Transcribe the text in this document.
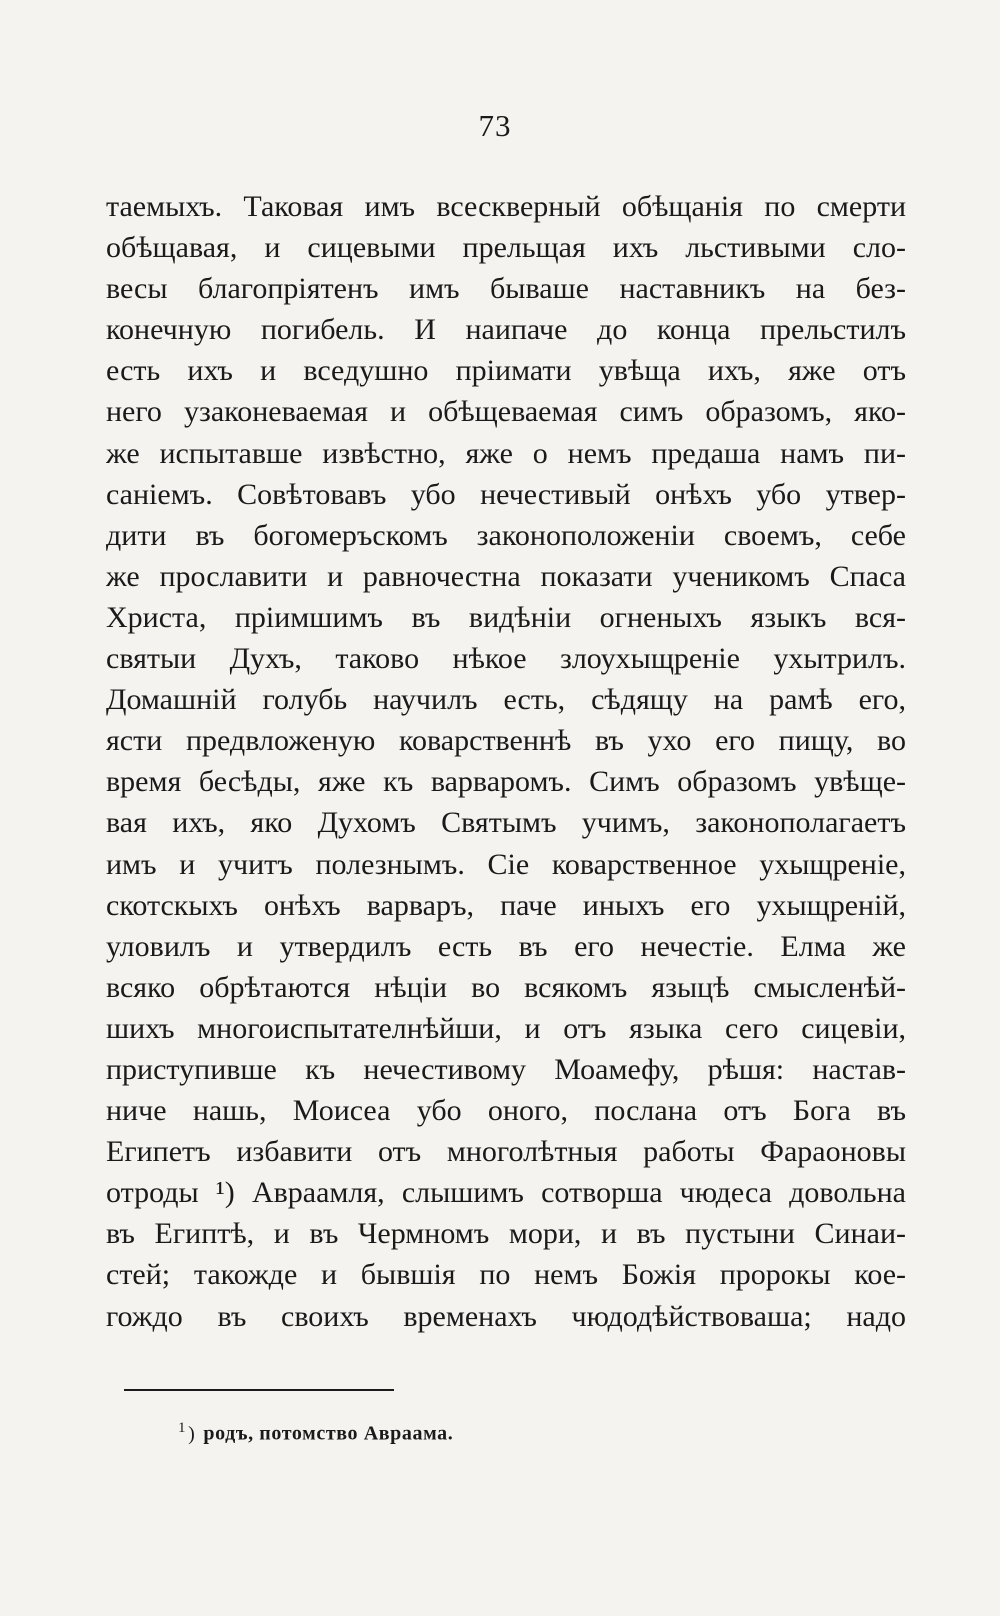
73
таемыхъ. Таковая имъ всескверный обѣщанія по смерти
обѣщавая, и сицевыми прельщая ихъ льстивыми сло-
весы благопріятенъ имъ бываше наставникъ на без-
конечную погибель. И наипаче до конца прельстилъ
есть ихъ и вседушно пріимати увѣща ихъ, яже отъ
него узаконеваемая и обѣщеваемая симъ образомъ, яко-
же испытавше извѣстно, яже о немъ предаша намъ пи-
саніемъ. Совѣтовавъ убо нечестивый онѣхъ убо утвер-
дити въ богомеръскомъ законоположеніи своемъ, себе
же прославити и равночестна показати ученикомъ Спаса
Христа, пріимшимъ въ видѣніи огненыхъ языкъ вся-
святыи Духъ, таково нѣкое злоухыщреніе ухытрилъ.
Домашній голубь научилъ есть, сѣдящу на рамѣ его,
ясти предвложеную коварственнѣ въ ухо его пищу, во
время бесѣды, яже къ варваромъ. Симъ образомъ увѣще-
вая ихъ, яко Духомъ Святымъ учимъ, законополагаетъ
имъ и учитъ полезнымъ. Сіе коварственное ухыщреніе,
скотскыхъ онѣхъ варваръ, паче иныхъ его ухыщреній,
уловилъ и утвердилъ есть въ его нечестіе. Елма же
всяко обрѣтаются нѣціи во всякомъ языцѣ смысленѣй-
шихъ многоиспытателнѣйши, и отъ языка сего сицевіи,
приступивше къ нечестивому Моамефу, рѣшя: настав-
ниче нашь, Моисеа убо оного, послана отъ Бога въ
Египетъ избавити отъ многолѣтныя работы Фараоновы
отроды ¹) Авраамля, слышимъ сотворша чюдеса довольна
въ Египтѣ, и въ Чермномъ мори, и въ пустыни Синаи-
стей; такожде и бывшія по немъ Божія пророкы кое-
гождо въ своихъ временахъ чюдодѣйствоваша; надо
$^1$ ) родъ, потомство Авраама.
